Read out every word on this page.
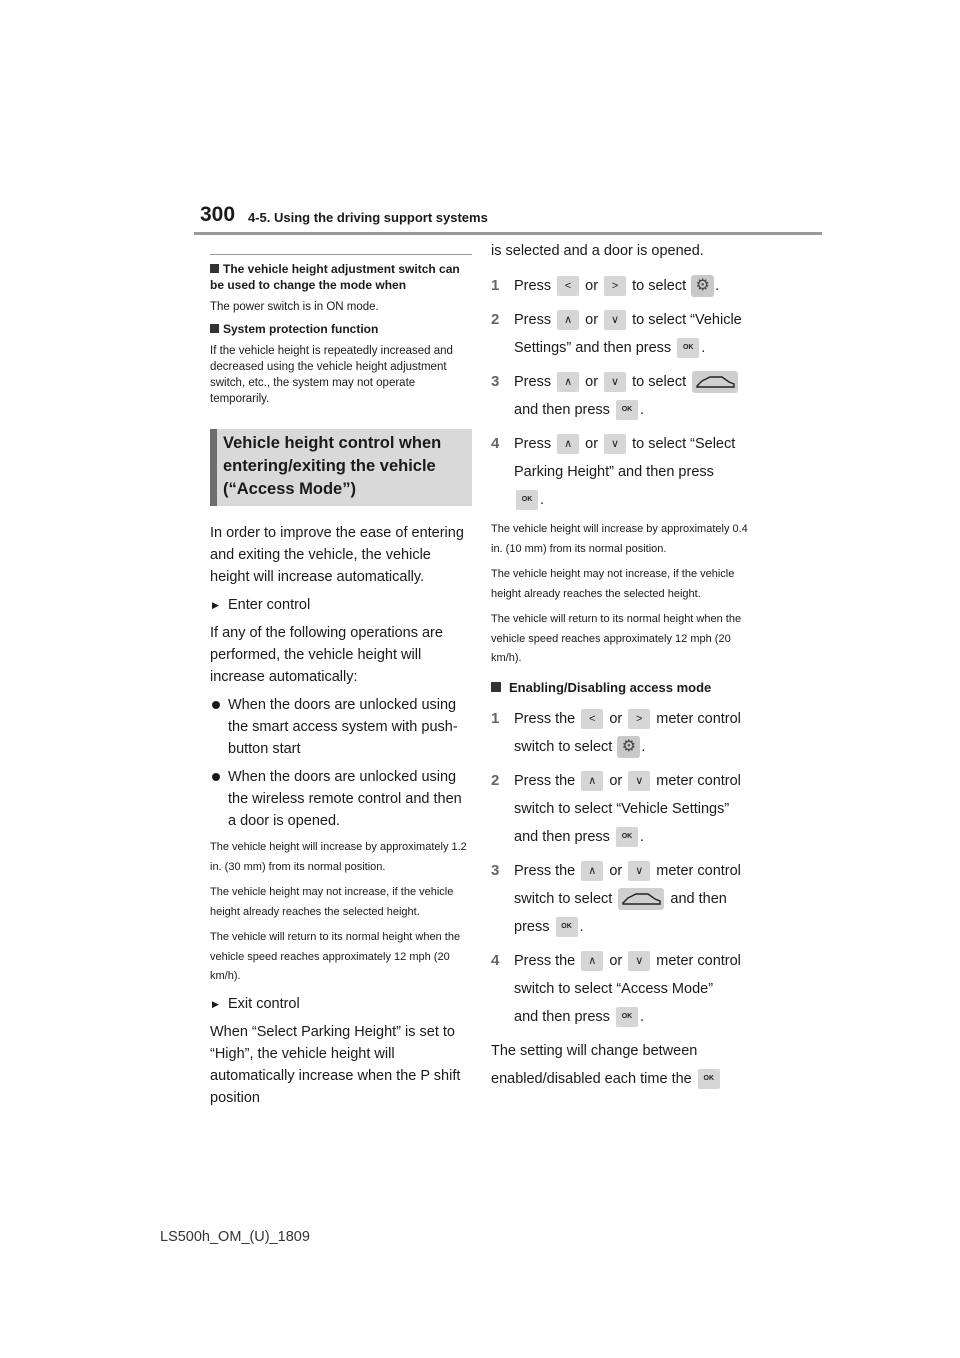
300 4-5. Using the driving support systems
The vehicle height adjustment switch can be used to change the mode when

The power switch is in ON mode.

System protection function

If the vehicle height is repeatedly increased and decreased using the vehicle height adjustment switch, etc., the system may not operate temporarily.

Vehicle height control when entering/exiting the vehicle (“Access Mode”)

In order to improve the ease of entering and exiting the vehicle, the vehicle height will increase automatically.

▶ Enter control

If any of the following operations are performed, the vehicle height will increase automatically:

When the doors are unlocked using the smart access system with push-button start

When the doors are unlocked using the wireless remote control and then a door is opened.

The vehicle height will increase by approximately 1.2 in. (30 mm) from its normal position.

The vehicle height may not increase, if the vehicle height already reaches the selected height.

The vehicle will return to its normal height when the vehicle speed reaches approximately 12 mph (20 km/h).

▶ Exit control

When “Select Parking Height” is set to “High”, the vehicle height will automatically increase when the P shift position

is selected and a door is opened.

1 Press < or > to select ⚙ .
2 Press ∧ or ∨ to select “Vehicle
Settings” and then press OK .
3 Press ∧ or ∨ to select

and then press OK .
4 Press ∧ or ∨ to select “Select
Parking Height” and then press
OK .

The vehicle height will increase by approximately 0.4 in. (10 mm) from its normal position.

The vehicle height may not increase, if the vehicle height already reaches the selected height.

The vehicle will return to its normal height when the vehicle speed reaches approximately 12 mph (20 km/h).

Enabling/Disabling access mode
1 Press the < or > meter control
switch to select ⚙ .
2 Press the ∧ or ∨ meter control
switch to select “Vehicle Settings”
and then press OK .
3 Press the ∧ or ∨ meter control
switch to select	and then
press OK .
4 Press the ∧ or ∨ meter control
switch to select “Access Mode”
and then press OK .

The setting will change between
enabled/disabled each time the OK

LS500h_OM_(U)_1809
